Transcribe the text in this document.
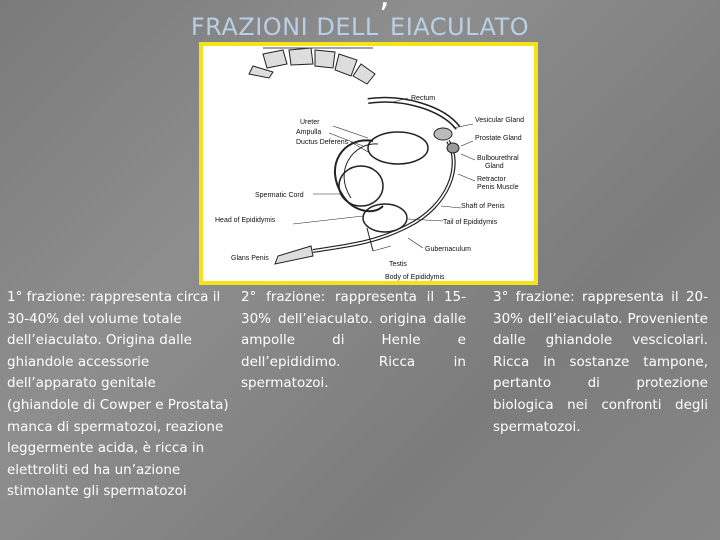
FRAZIONI DELL’EIACULATO
Rectum
Ureter
Ampulla
Ductus Deferens
Vesicular Gland
Prostate Gland
Bulbourethral
Gland
Retractor
Penis Muscle
Spermatic Cord
Shaft of Penis
Head of Epididymis	Tail of Epididymis
Glans Penis
Gubernaculum
Testis
Body of Epididymis
1° frazione: rappresenta circa il 30-40% del volume totale dell’eiaculato. Origina dalle ghiandole accessorie dell’apparato genitale (ghiandole di Cowper e Prostata) manca di spermatozoi, reazione leggermente acida, è ricca in elettroliti ed ha un’azione stimolante gli spermatozoi
2° frazione: rappresenta il 15-30% dell’eiaculato. origina dalle ampolle di Henle e dell’epididimo. Ricca in spermatozoi.
3° frazione: rappresenta il 20-30% dell’eiaculato. Proveniente dalle ghiandole vescicolari. Ricca in sostanze tampone, pertanto di protezione biologica nei confronti degli spermatozoi.
